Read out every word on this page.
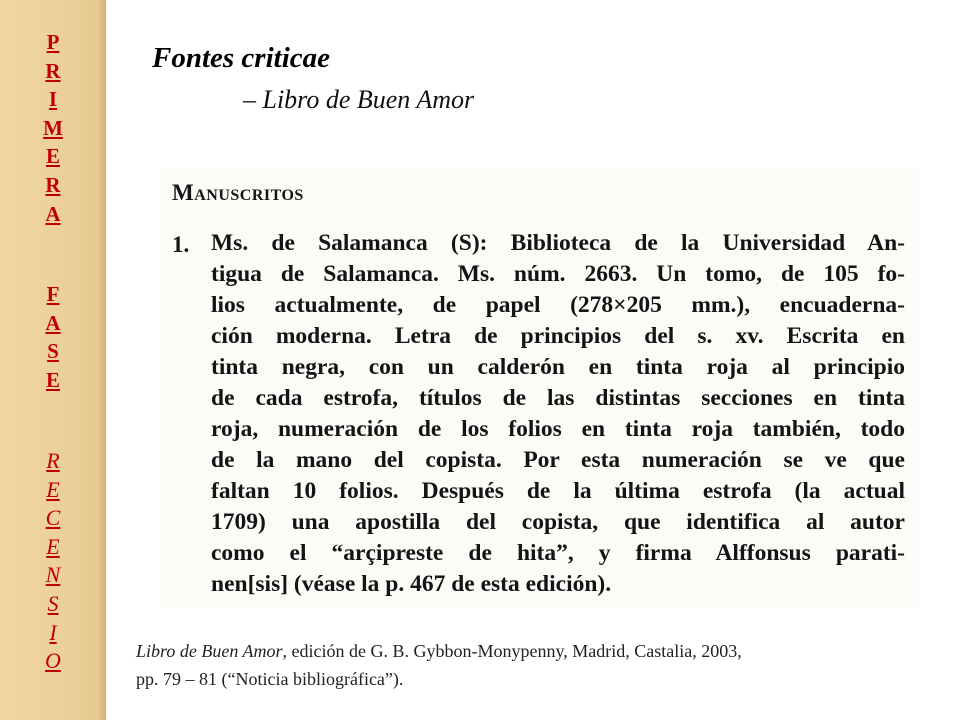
P
R
I
M
E
R
A
F
A
S
E
R
E
C
E
N
S
I
O
Fontes criticae
– Libro de Buen Amor
Manuscritos
1. Ms. de Salamanca (S): Biblioteca de la Universidad An-
tigua de Salamanca. Ms. núm. 2663. Un tomo, de 105 fo-
lios actualmente, de papel (278×205 mm.), encuaderna-
ción moderna. Letra de principios del s. xv. Escrita en
tinta negra, con un calderón en tinta roja al principio
de cada estrofa, títulos de las distintas secciones en tinta
roja, numeración de los folios en tinta roja también, todo
de la mano del copista. Por esta numeración se ve que
faltan 10 folios. Después de la última estrofa (la actual
1709) una apostilla del copista, que identifica al autor
como el “arçipreste de hita”, y firma Alffonsus parati-
nen[sis] (véase la p. 467 de esta edición).
Libro de Buen Amor, edición de G. B. Gybbon-Monypenny, Madrid, Castalia, 2003,
pp. 79 – 81 (“Noticia bibliográfica”).
